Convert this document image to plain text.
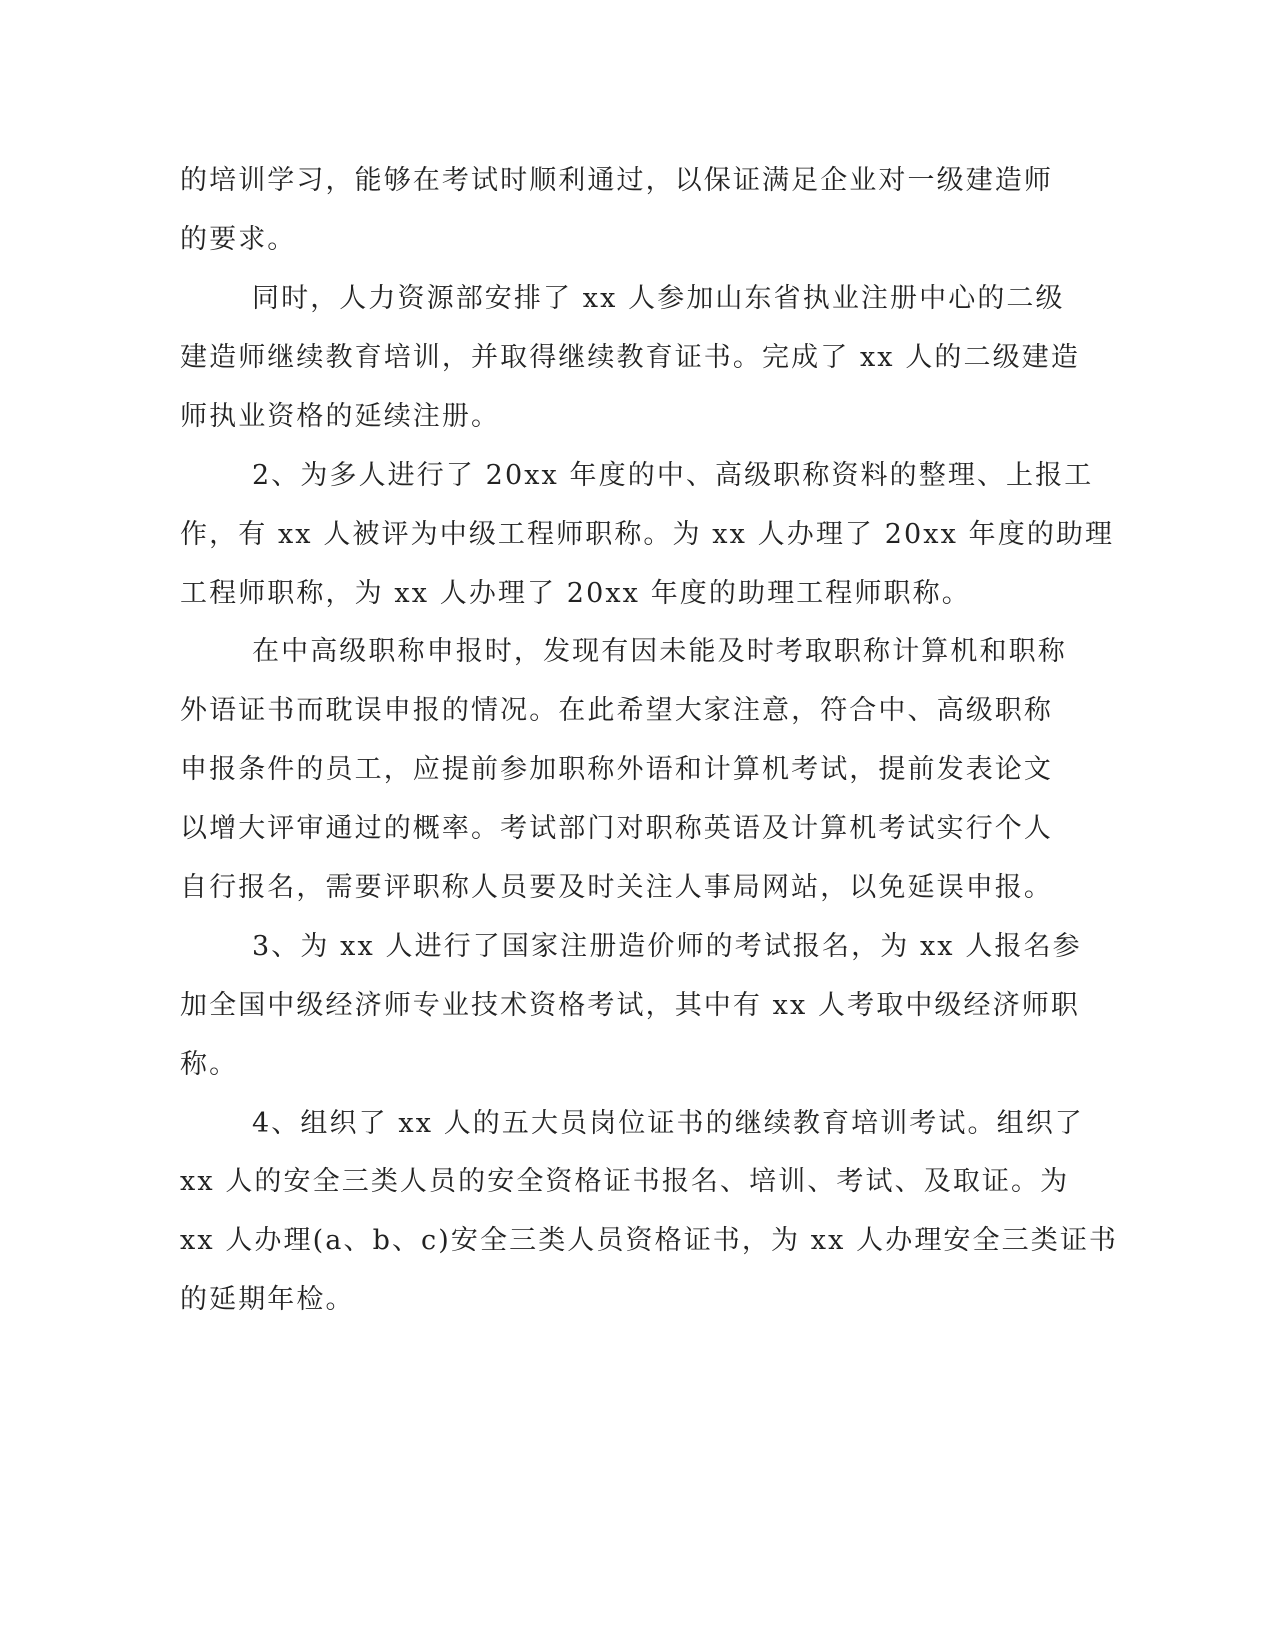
的培训学习，能够在考试时顺利通过，以保证满足企业对一级建造师
的要求。
同时，人力资源部安排了 xx 人参加山东省执业注册中心的二级
建造师继续教育培训，并取得继续教育证书。完成了 xx 人的二级建造
师执业资格的延续注册。
2、为多人进行了 20xx 年度的中、高级职称资料的整理、上报工
作，有 xx 人被评为中级工程师职称。为 xx 人办理了 20xx 年度的助理
工程师职称，为 xx 人办理了 20xx 年度的助理工程师职称。
在中高级职称申报时，发现有因未能及时考取职称计算机和职称
外语证书而耽误申报的情况。在此希望大家注意，符合中、高级职称
申报条件的员工，应提前参加职称外语和计算机考试，提前发表论文
以增大评审通过的概率。考试部门对职称英语及计算机考试实行个人
自行报名，需要评职称人员要及时关注人事局网站，以免延误申报。
3、为 xx 人进行了国家注册造价师的考试报名，为 xx 人报名参
加全国中级经济师专业技术资格考试，其中有 xx 人考取中级经济师职
称。
4、组织了 xx 人的五大员岗位证书的继续教育培训考试。组织了
xx 人的安全三类人员的安全资格证书报名、培训、考试、及取证。为
xx 人办理(a、b、c)安全三类人员资格证书，为 xx 人办理安全三类证书
的延期年检。
